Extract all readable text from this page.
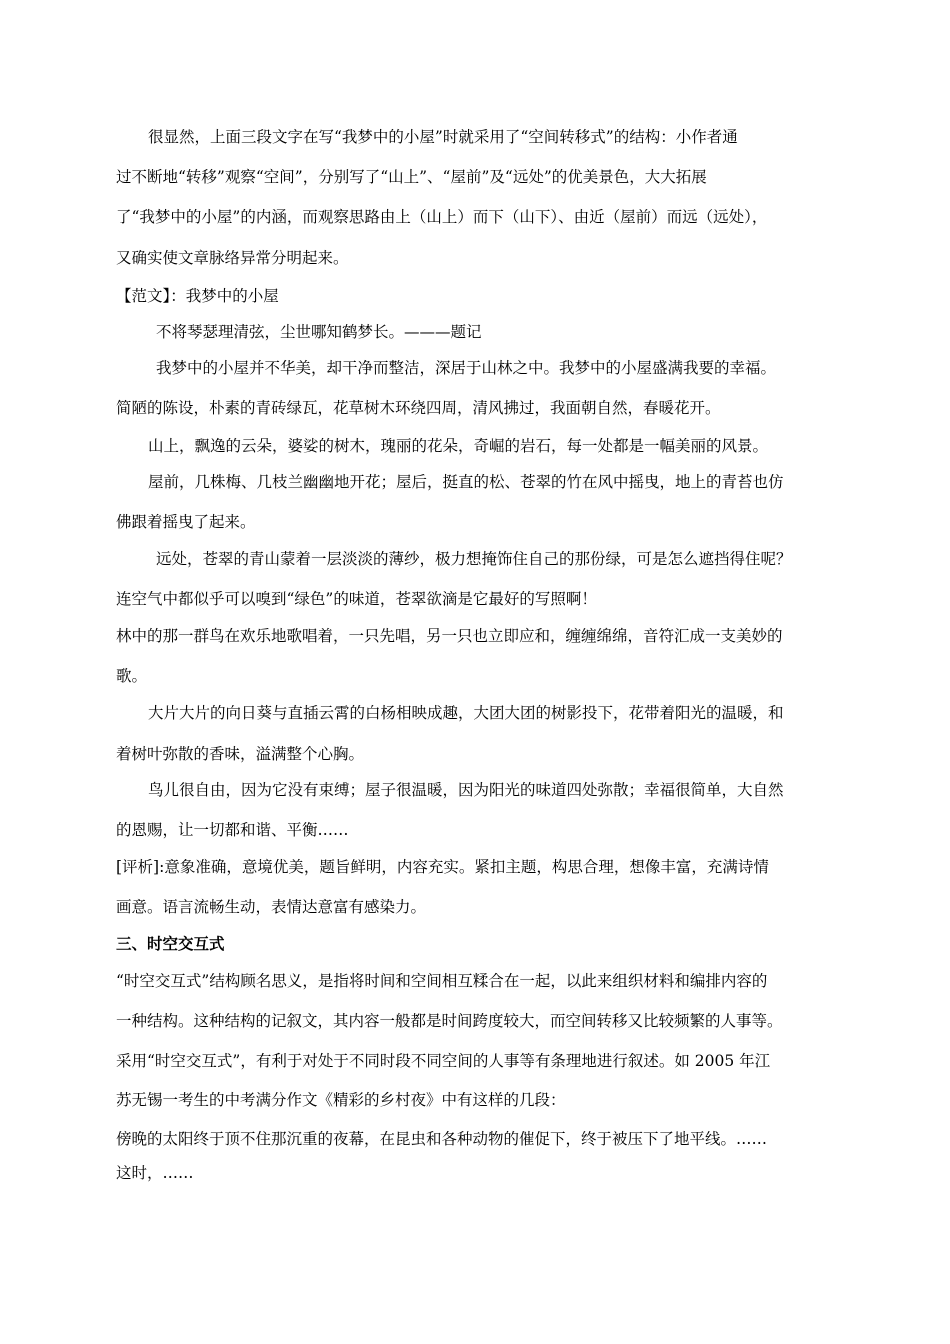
很显然，上面三段文字在写“我梦中的小屋”时就采用了“空间转移式”的结构：小作者通
过不断地“转移”观察“空间”，分别写了“山上”、“屋前”及“远处”的优美景色，大大拓展
了“我梦中的小屋”的内涵，而观察思路由上（山上）而下（山下）、由近（屋前）而远（远处），
又确实使文章脉络异常分明起来。
【范文】：我梦中的小屋
不将琴瑟理清弦，尘世哪知鹤梦长。———题记
我梦中的小屋并不华美，却干净而整洁，深居于山林之中。我梦中的小屋盛满我要的幸福。
简陋的陈设，朴素的青砖绿瓦，花草树木环绕四周，清风拂过，我面朝自然，春暖花开。
山上，飘逸的云朵，婆娑的树木，瑰丽的花朵，奇崛的岩石，每一处都是一幅美丽的风景。
屋前，几株梅、几枝兰幽幽地开花；屋后，挺直的松、苍翠的竹在风中摇曳，地上的青苔也仿
佛跟着摇曳了起来。
远处，苍翠的青山蒙着一层淡淡的薄纱，极力想掩饰住自己的那份绿，可是怎么遮挡得住呢？
连空气中都似乎可以嗅到“绿色”的味道，苍翠欲滴是它最好的写照啊！
林中的那一群鸟在欢乐地歌唱着，一只先唱，另一只也立即应和，缠缠绵绵，音符汇成一支美妙的
歌。
大片大片的向日葵与直插云霄的白杨相映成趣，大团大团的树影投下，花带着阳光的温暖，和
着树叶弥散的香味，溢满整个心胸。
鸟儿很自由，因为它没有束缚；屋子很温暖，因为阳光的味道四处弥散；幸福很简单，大自然
的恩赐，让一切都和谐、平衡……
[评析]:意象准确，意境优美，题旨鲜明，内容充实。紧扣主题，构思合理，想像丰富，充满诗情
画意。语言流畅生动，表情达意富有感染力。
三、时空交互式
“时空交互式”结构顾名思义，是指将时间和空间相互糅合在一起，以此来组织材料和编排内容的
一种结构。这种结构的记叙文，其内容一般都是时间跨度较大，而空间转移又比较频繁的人事等。
采用“时空交互式”，有利于对处于不同时段不同空间的人事等有条理地进行叙述。如 2005 年江
苏无锡一考生的中考满分作文《精彩的乡村夜》中有这样的几段：
傍晚的太阳终于顶不住那沉重的夜幕，在昆虫和各种动物的催促下，终于被压下了地平线。……
这时，……
